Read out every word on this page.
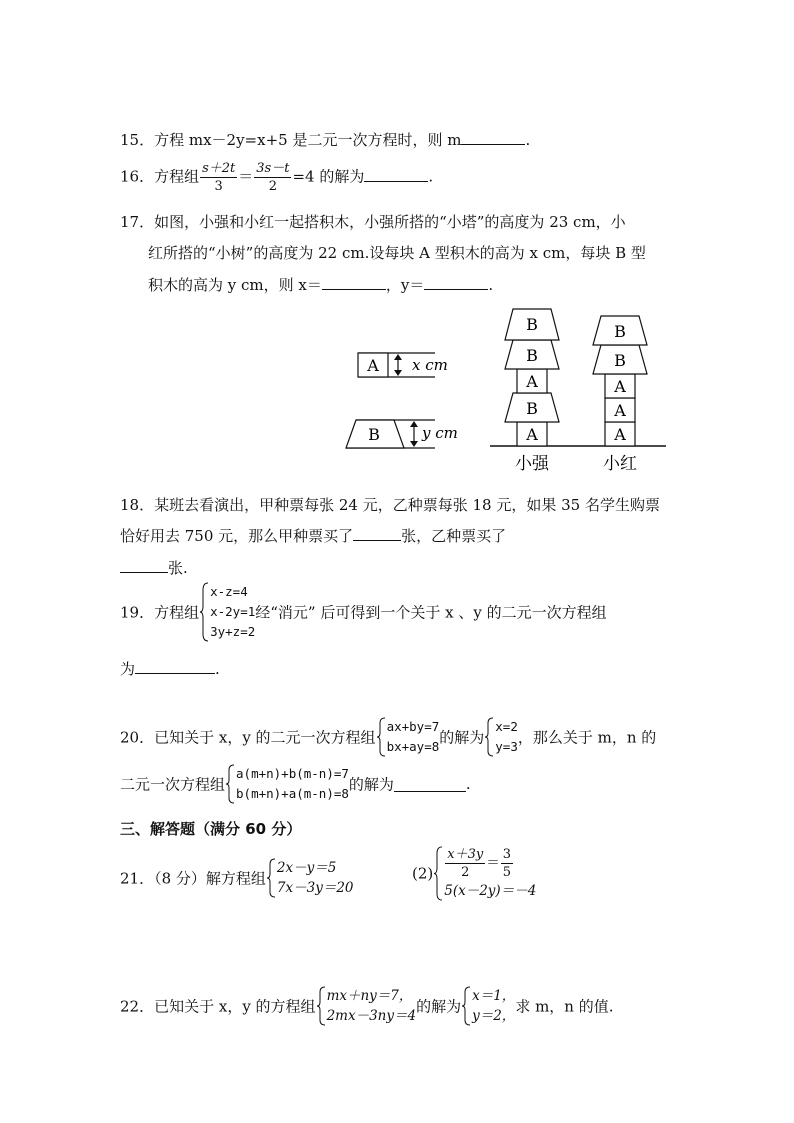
15．方程 mx－2y=x+5 是二元一次方程时，则 m	.
16．方程组 $\frac{s+2t}{3} = \frac{3s-t}{2} =4$ 的解为	.
17．如图，小强和小红一起搭积木，小强所搭的“小塔”的高度为 23 cm，小
红所搭的“小树”的高度为 22 cm.设每块 A 型积木的高为 x cm，每块 B 型
积木的高为 y cm，则 x＝	，y＝	.
A x cm
B	y cm	A
B
A
B
B
A
A
A
B
B
小强	小红
18．某班去看演出，甲种票每张 24 元，乙种票每张 18 元，如果 35 名学生购票
恰好用去 750 元，那么甲种票买了	张，乙种票买了
张.
19．方程组
x-z=4
x-2y=1
3y+z=2
经“消元” 后可得到一个关于 x 、y 的二元一次方程组
为	.
20．已知关于 x，y 的二元一次方程组
ax+by=7
bx+ay=8 的解为
x=2
y=3 ，那么关于 m，n 的
二元一次方程组
a(m+n)+b(m-n)=7
b(m+n)+a(m-n)=8 的解为	.
三、解答题（满分 60 分）
21．（8 分）解方程组
2x－y＝5
7x－3y＝20
$(2) \frac{x+3y}{2} = \frac{3}{5}$
5(x－2y)＝－4
22．已知关于 x，y 的方程组
mx＋ny＝7，
2mx－3ny＝4
的解为
x＝1，
y＝2，
求 m，n 的值.
